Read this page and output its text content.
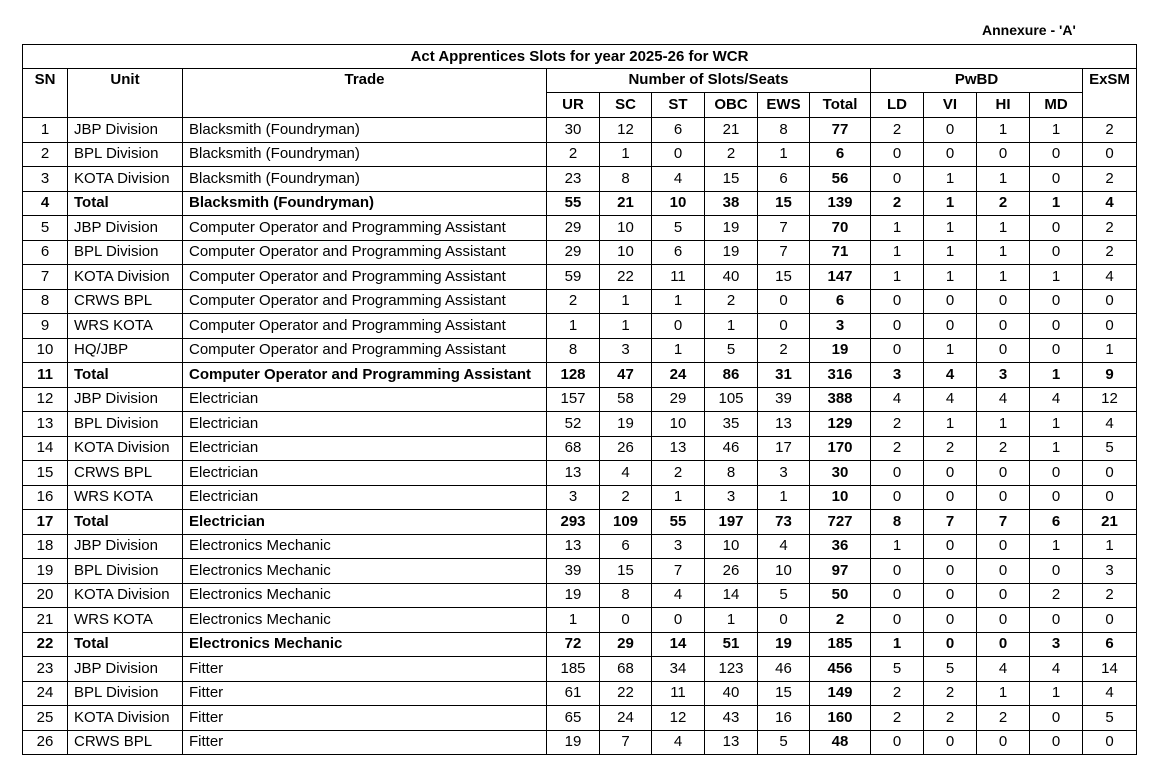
Annexure - 'A'
Act Apprentices Slots for year 2025-26 for WCR													
SN	Unit	Trade	Number of Slots/Seats						PwBD				ExSM
			UR	SC	ST	OBC	EWS	Total	LD	VI	HI	MD	
1	JBP Division	Blacksmith (Foundryman)	30	12	6	21	8	77	2	0	1	1	2
2	BPL Division	Blacksmith (Foundryman)	2	1	0	2	1	6	0	0	0	0	0
3	KOTA Division	Blacksmith (Foundryman)	23	8	4	15	6	56	0	1	1	0	2
4	Total	Blacksmith (Foundryman)	55	21	10	38	15	139	2	1	2	1	4
5	JBP Division	Computer Operator and Programming Assistant	29	10	5	19	7	70	1	1	1	0	2
6	BPL Division	Computer Operator and Programming Assistant	29	10	6	19	7	71	1	1	1	0	2
7	KOTA Division	Computer Operator and Programming Assistant	59	22	11	40	15	147	1	1	1	1	4
8	CRWS BPL	Computer Operator and Programming Assistant	2	1	1	2	0	6	0	0	0	0	0
9	WRS KOTA	Computer Operator and Programming Assistant	1	1	0	1	0	3	0	0	0	0	0
10	HQ/JBP	Computer Operator and Programming Assistant	8	3	1	5	2	19	0	1	0	0	1
11	Total	Computer Operator and Programming Assistant	128	47	24	86	31	316	3	4	3	1	9
12	JBP Division	Electrician	157	58	29	105	39	388	4	4	4	4	12
13	BPL Division	Electrician	52	19	10	35	13	129	2	1	1	1	4
14	KOTA Division	Electrician	68	26	13	46	17	170	2	2	2	1	5
15	CRWS BPL	Electrician	13	4	2	8	3	30	0	0	0	0	0
16	WRS KOTA	Electrician	3	2	1	3	1	10	0	0	0	0	0
17	Total	Electrician	293	109	55	197	73	727	8	7	7	6	21
18	JBP Division	Electronics Mechanic	13	6	3	10	4	36	1	0	0	1	1
19	BPL Division	Electronics Mechanic	39	15	7	26	10	97	0	0	0	0	3
20	KOTA Division	Electronics Mechanic	19	8	4	14	5	50	0	0	0	2	2
21	WRS KOTA	Electronics Mechanic	1	0	0	1	0	2	0	0	0	0	0
22	Total	Electronics Mechanic	72	29	14	51	19	185	1	0	0	3	6
23	JBP Division	Fitter	185	68	34	123	46	456	5	5	4	4	14
24	BPL Division	Fitter	61	22	11	40	15	149	2	2	1	1	4
25	KOTA Division	Fitter	65	24	12	43	16	160	2	2	2	0	5
26	CRWS BPL	Fitter	19	7	4	13	5	48	0	0	0	0	0
